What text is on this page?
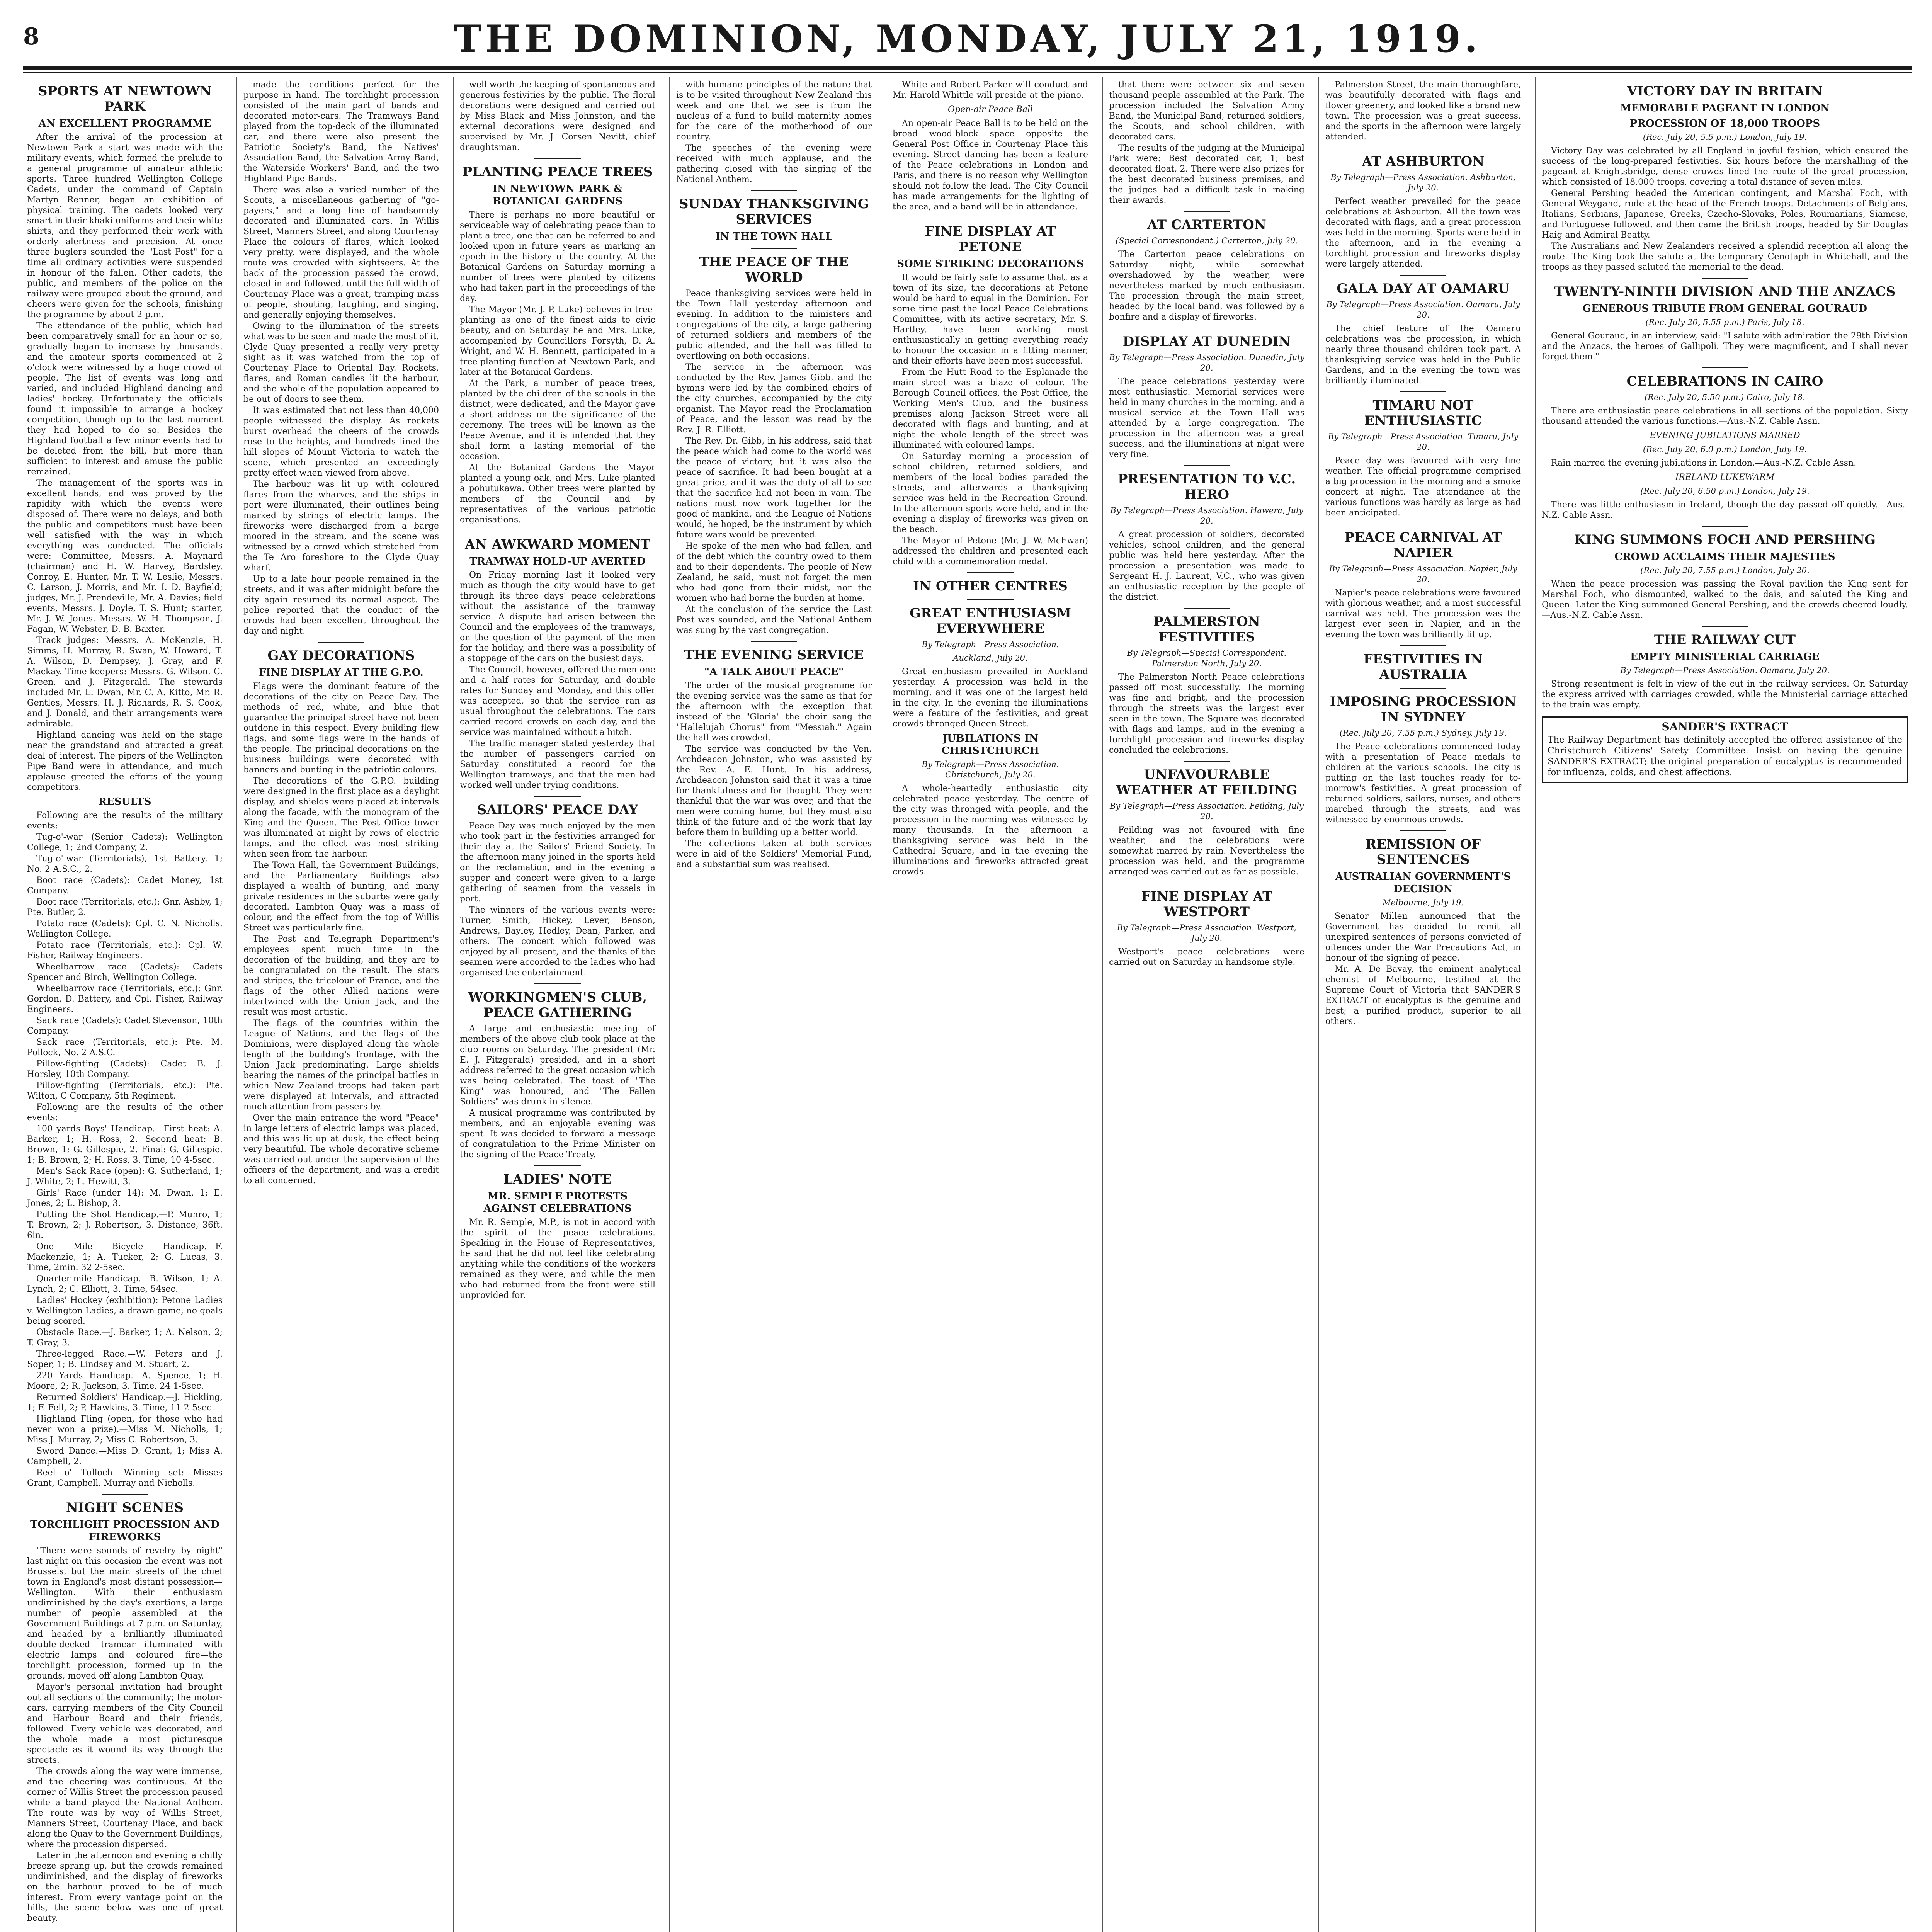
8	THE DOMINION, MONDAY, JULY 21, 1919.
SPORTS AT NEWTOWN PARK
AN EXCELLENT PROGRAMME

After the arrival of the procession at Newtown Park a start was made with the military events, which formed the prelude to a general programme of amateur athletic sports. Three hundred Wellington College Cadets, under the command of Captain Martyn Renner, began an exhibition of physical training. The cadets looked very smart in their khaki uniforms and their white shirts, and they performed their work with orderly alertness and precision. At once three buglers sounded the "Last Post" for a time all ordinary activities were suspended in honour of the fallen. Other cadets, the public, and members of the police on the railway were grouped about the ground, and cheers were given for the schools, finishing the programme by about 2 p.m.

The attendance of the public, which had been comparatively small for an hour or so, gradually began to increase by thousands, and the amateur sports commenced at 2 o'clock were witnessed by a huge crowd of people. The list of events was long and varied, and included Highland dancing and ladies' hockey. Unfortunately the officials found it impossible to arrange a hockey competition, though up to the last moment they had hoped to do so. Besides the Highland football a few minor events had to be deleted from the bill, but more than sufficient to interest and amuse the public remained.

The management of the sports was in excellent hands, and was proved by the rapidity with which the events were disposed of. There were no delays, and both the public and competitors must have been well satisfied with the way in which everything was conducted. The officials were: Committee, Messrs. A. Maynard (chairman) and H. W. Harvey, Bardsley, Conroy, E. Hunter, Mr. T. W. Leslie, Messrs. C. Larson, J. Morris, and Mr. I. D. Bayfield; judges, Mr. J. Prendeville, Mr. A. Davies; field events, Messrs. J. Doyle, T. S. Hunt; starter, Mr. J. W. Jones, Messrs. W. H. Thompson, J. Fagan, W. Webster, D. B. Baxter.

Track judges: Messrs. A. McKenzie, H. Simms, H. Murray, R. Swan, W. Howard, T. A. Wilson, D. Dempsey, J. Gray, and F. Mackay. Time-keepers: Messrs. G. Wilson, C. Green, and J. Fitzgerald. The stewards included Mr. L. Dwan, Mr. C. A. Kitto, Mr. R. Gentles, Messrs. H. J. Richards, R. S. Cook, and J. Donald, and their arrangements were admirable.

Highland dancing was held on the stage near the grandstand and attracted a great deal of interest. The pipers of the Wellington Pipe Band were in attendance, and much applause greeted the efforts of the young competitors.

RESULTS

Following are the results of the military events:

Tug-o'-war (Senior Cadets): Wellington College, 1; 2nd Company, 2.

Tug-o'-war (Territorials), 1st Battery, 1; No. 2 A.S.C., 2.

Boot race (Cadets): Cadet Money, 1st Company.

Boot race (Territorials, etc.): Gnr. Ashby, 1; Pte. Butler, 2.

Potato race (Cadets): Cpl. C. N. Nicholls, Wellington College.

Potato race (Territorials, etc.): Cpl. W. Fisher, Railway Engineers.

Wheelbarrow race (Cadets): Cadets Spencer and Birch, Wellington College.

Wheelbarrow race (Territorials, etc.): Gnr. Gordon, D. Battery, and Cpl. Fisher, Railway Engineers.

Sack race (Cadets): Cadet Stevenson, 10th Company.

Sack race (Territorials, etc.): Pte. M. Pollock, No. 2 A.S.C.

Pillow-fighting (Cadets): Cadet B. J. Horsley, 10th Company.

Pillow-fighting (Territorials, etc.): Pte. Wilton, C Company, 5th Regiment.

Following are the results of the other events:

100 yards Boys' Handicap.—First heat: A. Barker, 1; H. Ross, 2. Second heat: B. Brown, 1; G. Gillespie, 2. Final: G. Gillespie, 1; B. Brown, 2; H. Ross, 3. Time, 10 4-5sec.

Men's Sack Race (open): G. Sutherland, 1; J. White, 2; L. Hewitt, 3.

Girls' Race (under 14): M. Dwan, 1; E. Jones, 2; L. Bishop, 3.

Putting the Shot Handicap.—P. Munro, 1; T. Brown, 2; J. Robertson, 3. Distance, 36ft. 6in.

One Mile Bicycle Handicap.—F. Mackenzie, 1; A. Tucker, 2; G. Lucas, 3. Time, 2min. 32 2-5sec.

Quarter-mile Handicap.—B. Wilson, 1; A. Lynch, 2; C. Elliott, 3. Time, 54sec.

Ladies' Hockey (exhibition): Petone Ladies v. Wellington Ladies, a drawn game, no goals being scored.

Obstacle Race.—J. Barker, 1; A. Nelson, 2; T. Gray, 3.

Three-legged Race.—W. Peters and J. Soper, 1; B. Lindsay and M. Stuart, 2.

220 Yards Handicap.—A. Spence, 1; H. Moore, 2; R. Jackson, 3. Time, 24 1-5sec.

Returned Soldiers' Handicap.—J. Hickling, 1; F. Fell, 2; P. Hawkins, 3. Time, 11 2-5sec.

Highland Fling (open, for those who had never won a prize).—Miss M. Nicholls, 1; Miss J. Murray, 2; Miss C. Robertson, 3.

Sword Dance.—Miss D. Grant, 1; Miss A. Campbell, 2.

Reel o' Tulloch.—Winning set: Misses Grant, Campbell, Murray and Nicholls.

NIGHT SCENES
TORCHLIGHT PROCESSION AND FIREWORKS

"There were sounds of revelry by night" last night on this occasion the event was not Brussels, but the main streets of the chief town in England's most distant possession—Wellington. With their enthusiasm undiminished by the day's exertions, a large number of people assembled at the Government Buildings at 7 p.m. on Saturday, and headed by a brilliantly illuminated double-decked tramcar—illuminated with electric lamps and coloured fire—the torchlight procession, formed up in the grounds, moved off along Lambton Quay.

Mayor's personal invitation had brought out all sections of the community; the motor-cars, carrying members of the City Council and Harbour Board and their friends, followed. Every vehicle was decorated, and the whole made a most picturesque spectacle as it wound its way through the streets.

The crowds along the way were immense, and the cheering was continuous. At the corner of Willis Street the procession paused while a band played the National Anthem. The route was by way of Willis Street, Manners Street, Courtenay Place, and back along the Quay to the Government Buildings, where the procession dispersed.

Later in the afternoon and evening a chilly breeze sprang up, but the crowds remained undiminished, and the display of fireworks on the harbour proved to be of much interest. From every vantage point on the hills, the scene below was one of great beauty.

made the conditions perfect for the purpose in hand. The torchlight procession consisted of the main part of bands and decorated motor-cars. The Tramways Band played from the top-deck of the illuminated car, and there were also present the Patriotic Society's Band, the Natives' Association Band, the Salvation Army Band, the Waterside Workers' Band, and the two Highland Pipe Bands.

There was also a varied number of the Scouts, a miscellaneous gathering of "go-payers," and a long line of handsomely decorated and illuminated cars. In Willis Street, Manners Street, and along Courtenay Place the colours of flares, which looked very pretty, were displayed, and the whole route was crowded with sightseers. At the back of the procession passed the crowd, closed in and followed, until the full width of Courtenay Place was a great, tramping mass of people, shouting, laughing, and singing, and generally enjoying themselves.

Owing to the illumination of the streets what was to be seen and made the most of it. Clyde Quay presented a really very pretty sight as it was watched from the top of Courtenay Place to Oriental Bay. Rockets, flares, and Roman candles lit the harbour, and the whole of the population appeared to be out of doors to see them.

It was estimated that not less than 40,000 people witnessed the display. As rockets burst overhead the cheers of the crowds rose to the heights, and hundreds lined the hill slopes of Mount Victoria to watch the scene, which presented an exceedingly pretty effect when viewed from above.

The harbour was lit up with coloured flares from the wharves, and the ships in port were illuminated, their outlines being marked by strings of electric lamps. The fireworks were discharged from a barge moored in the stream, and the scene was witnessed by a crowd which stretched from the Te Aro foreshore to the Clyde Quay wharf.

Up to a late hour people remained in the streets, and it was after midnight before the city again resumed its normal aspect. The police reported that the conduct of the crowds had been excellent throughout the day and night.

GAY DECORATIONS
FINE DISPLAY AT THE G.P.O.

Flags were the dominant feature of the decorations of the city on Peace Day. The methods of red, white, and blue that guarantee the principal street have not been outdone in this respect. Every building flew flags, and some flags were in the hands of the people. The principal decorations on the business buildings were decorated with banners and bunting in the patriotic colours.

The decorations of the G.P.O. building were designed in the first place as a daylight display, and shields were placed at intervals along the facade, with the monogram of the King and the Queen. The Post Office tower was illuminated at night by rows of electric lamps, and the effect was most striking when seen from the harbour.

The Town Hall, the Government Buildings, and the Parliamentary Buildings also displayed a wealth of bunting, and many private residences in the suburbs were gaily decorated. Lambton Quay was a mass of colour, and the effect from the top of Willis Street was particularly fine.

The Post and Telegraph Department's employees spent much time in the decoration of the building, and they are to be congratulated on the result. The stars and stripes, the tricolour of France, and the flags of the other Allied nations were intertwined with the Union Jack, and the result was most artistic.

The flags of the countries within the League of Nations, and the flags of the Dominions, were displayed along the whole length of the building's frontage, with the Union Jack predominating. Large shields bearing the names of the principal battles in which New Zealand troops had taken part were displayed at intervals, and attracted much attention from passers-by.

Over the main entrance the word "Peace" in large letters of electric lamps was placed, and this was lit up at dusk, the effect being very beautiful. The whole decorative scheme was carried out under the supervision of the officers of the department, and was a credit to all concerned.

well worth the keeping of spontaneous and generous festivities by the public. The floral decorations were designed and carried out by Miss Black and Miss Johnston, and the external decorations were designed and supervised by Mr. J. Corsen Nevitt, chief draughtsman.

PLANTING PEACE TREES
IN NEWTOWN PARK & BOTANICAL GARDENS

There is perhaps no more beautiful or serviceable way of celebrating peace than to plant a tree, one that can be referred to and looked upon in future years as marking an epoch in the history of the country. At the Botanical Gardens on Saturday morning a number of trees were planted by citizens who had taken part in the proceedings of the day.

The Mayor (Mr. J. P. Luke) believes in tree-planting as one of the finest aids to civic beauty, and on Saturday he and Mrs. Luke, accompanied by Councillors Forsyth, D. A. Wright, and W. H. Bennett, participated in a tree-planting function at Newtown Park, and later at the Botanical Gardens.

At the Park, a number of peace trees, planted by the children of the schools in the district, were dedicated, and the Mayor gave a short address on the significance of the ceremony. The trees will be known as the Peace Avenue, and it is intended that they shall form a lasting memorial of the occasion.

At the Botanical Gardens the Mayor planted a young oak, and Mrs. Luke planted a pohutukawa. Other trees were planted by members of the Council and by representatives of the various patriotic organisations.

AN AWKWARD MOMENT
TRAMWAY HOLD-UP AVERTED

On Friday morning last it looked very much as though the city would have to get through its three days' peace celebrations without the assistance of the tramway service. A dispute had arisen between the Council and the employees of the tramways, on the question of the payment of the men for the holiday, and there was a possibility of a stoppage of the cars on the busiest days.

The Council, however, offered the men one and a half rates for Saturday, and double rates for Sunday and Monday, and this offer was accepted, so that the service ran as usual throughout the celebrations. The cars carried record crowds on each day, and the service was maintained without a hitch.

The traffic manager stated yesterday that the number of passengers carried on Saturday constituted a record for the Wellington tramways, and that the men had worked well under trying conditions.

SAILORS' PEACE DAY

Peace Day was much enjoyed by the men who took part in the festivities arranged for their day at the Sailors' Friend Society. In the afternoon many joined in the sports held on the reclamation, and in the evening a supper and concert were given to a large gathering of seamen from the vessels in port.

The winners of the various events were: Turner, Smith, Hickey, Lever, Benson, Andrews, Bayley, Hedley, Dean, Parker, and others. The concert which followed was enjoyed by all present, and the thanks of the seamen were accorded to the ladies who had organised the entertainment.

WORKINGMEN'S CLUB, PEACE GATHERING

A large and enthusiastic meeting of members of the above club took place at the club rooms on Saturday. The president (Mr. E. J. Fitzgerald) presided, and in a short address referred to the great occasion which was being celebrated. The toast of "The King" was honoured, and "The Fallen Soldiers" was drunk in silence.

A musical programme was contributed by members, and an enjoyable evening was spent. It was decided to forward a message of congratulation to the Prime Minister on the signing of the Peace Treaty.

LADIES' NOTE
MR. SEMPLE PROTESTS AGAINST CELEBRATIONS

Mr. R. Semple, M.P., is not in accord with the spirit of the peace celebrations. Speaking in the House of Representatives, he said that he did not feel like celebrating anything while the conditions of the workers remained as they were, and while the men who had returned from the front were still unprovided for.

with humane principles of the nature that is to be visited throughout New Zealand this week and one that we see is from the nucleus of a fund to build maternity homes for the care of the motherhood of our country.

The speeches of the evening were received with much applause, and the gathering closed with the singing of the National Anthem.

SUNDAY THANKSGIVING SERVICES
IN THE TOWN HALL
THE PEACE OF THE WORLD

Peace thanksgiving services were held in the Town Hall yesterday afternoon and evening. In addition to the ministers and congregations of the city, a large gathering of returned soldiers and members of the public attended, and the hall was filled to overflowing on both occasions.

The service in the afternoon was conducted by the Rev. James Gibb, and the hymns were led by the combined choirs of the city churches, accompanied by the city organist. The Mayor read the Proclamation of Peace, and the lesson was read by the Rev. J. R. Elliott.

The Rev. Dr. Gibb, in his address, said that the peace which had come to the world was the peace of victory, but it was also the peace of sacrifice. It had been bought at a great price, and it was the duty of all to see that the sacrifice had not been in vain. The nations must now work together for the good of mankind, and the League of Nations would, he hoped, be the instrument by which future wars would be prevented.

He spoke of the men who had fallen, and of the debt which the country owed to them and to their dependents. The people of New Zealand, he said, must not forget the men who had gone from their midst, nor the women who had borne the burden at home.

At the conclusion of the service the Last Post was sounded, and the National Anthem was sung by the vast congregation.

THE EVENING SERVICE
"A TALK ABOUT PEACE"

The order of the musical programme for the evening service was the same as that for the afternoon with the exception that instead of the "Gloria" the choir sang the "Hallelujah Chorus" from "Messiah." Again the hall was crowded.

The service was conducted by the Ven. Archdeacon Johnston, who was assisted by the Rev. A. E. Hunt. In his address, Archdeacon Johnston said that it was a time for thankfulness and for thought. They were thankful that the war was over, and that the men were coming home, but they must also think of the future and of the work that lay before them in building up a better world.

The collections taken at both services were in aid of the Soldiers' Memorial Fund, and a substantial sum was realised.

White and Robert Parker will conduct and Mr. Harold Whittle will preside at the piano.

Open-air Peace Ball

An open-air Peace Ball is to be held on the broad wood-block space opposite the General Post Office in Courtenay Place this evening. Street dancing has been a feature of the Peace celebrations in London and Paris, and there is no reason why Wellington should not follow the lead. The City Council has made arrangements for the lighting of the area, and a band will be in attendance.

FINE DISPLAY AT PETONE
SOME STRIKING DECORATIONS

It would be fairly safe to assume that, as a town of its size, the decorations at Petone would be hard to equal in the Dominion. For some time past the local Peace Celebrations Committee, with its active secretary, Mr. S. Hartley, have been working most enthusiastically in getting everything ready to honour the occasion in a fitting manner, and their efforts have been most successful.

From the Hutt Road to the Esplanade the main street was a blaze of colour. The Borough Council offices, the Post Office, the Working Men's Club, and the business premises along Jackson Street were all decorated with flags and bunting, and at night the whole length of the street was illuminated with coloured lamps.

On Saturday morning a procession of school children, returned soldiers, and members of the local bodies paraded the streets, and afterwards a thanksgiving service was held in the Recreation Ground. In the afternoon sports were held, and in the evening a display of fireworks was given on the beach.

The Mayor of Petone (Mr. J. W. McEwan) addressed the children and presented each child with a commemoration medal.

IN OTHER CENTRES
GREAT ENTHUSIASM EVERYWHERE
By Telegraph—Press Association.
Auckland, July 20.

Great enthusiasm prevailed in Auckland yesterday. A procession was held in the morning, and it was one of the largest held in the city. In the evening the illuminations were a feature of the festivities, and great crowds thronged Queen Street.

JUBILATIONS IN CHRISTCHURCH
By Telegraph—Press Association. Christchurch, July 20.

A whole-heartedly enthusiastic city celebrated peace yesterday. The centre of the city was thronged with people, and the procession in the morning was witnessed by many thousands. In the afternoon a thanksgiving service was held in the Cathedral Square, and in the evening the illuminations and fireworks attracted great crowds.

that there were between six and seven thousand people assembled at the Park. The procession included the Salvation Army Band, the Municipal Band, returned soldiers, the Scouts, and school children, with decorated cars.

The results of the judging at the Municipal Park were: Best decorated car, 1; best decorated float, 2. There were also prizes for the best decorated business premises, and the judges had a difficult task in making their awards.

AT CARTERTON
(Special Correspondent.) Carterton, July 20.

The Carterton peace celebrations on Saturday night, while somewhat overshadowed by the weather, were nevertheless marked by much enthusiasm. The procession through the main street, headed by the local band, was followed by a bonfire and a display of fireworks.

DISPLAY AT DUNEDIN
By Telegraph—Press Association. Dunedin, July 20.

The peace celebrations yesterday were most enthusiastic. Memorial services were held in many churches in the morning, and a musical service at the Town Hall was attended by a large congregation. The procession in the afternoon was a great success, and the illuminations at night were very fine.

PRESENTATION TO V.C. HERO
By Telegraph—Press Association. Hawera, July 20.

A great procession of soldiers, decorated vehicles, school children, and the general public was held here yesterday. After the procession a presentation was made to Sergeant H. J. Laurent, V.C., who was given an enthusiastic reception by the people of the district.

PALMERSTON FESTIVITIES
By Telegraph—Special Correspondent. Palmerston North, July 20.

The Palmerston North Peace celebrations passed off most successfully. The morning was fine and bright, and the procession through the streets was the largest ever seen in the town. The Square was decorated with flags and lamps, and in the evening a torchlight procession and fireworks display concluded the celebrations.

UNFAVOURABLE WEATHER AT FEILDING
By Telegraph—Press Association. Feilding, July 20.

Feilding was not favoured with fine weather, and the celebrations were somewhat marred by rain. Nevertheless the procession was held, and the programme arranged was carried out as far as possible.

FINE DISPLAY AT WESTPORT
By Telegraph—Press Association. Westport, July 20.

Westport's peace celebrations were carried out on Saturday in handsome style.

Palmerston Street, the main thoroughfare, was beautifully decorated with flags and flower greenery, and looked like a brand new town. The procession was a great success, and the sports in the afternoon were largely attended.

AT ASHBURTON
By Telegraph—Press Association. Ashburton, July 20.

Perfect weather prevailed for the peace celebrations at Ashburton. All the town was decorated with flags, and a great procession was held in the morning. Sports were held in the afternoon, and in the evening a torchlight procession and fireworks display were largely attended.

GALA DAY AT OAMARU
By Telegraph—Press Association. Oamaru, July 20.

The chief feature of the Oamaru celebrations was the procession, in which nearly three thousand children took part. A thanksgiving service was held in the Public Gardens, and in the evening the town was brilliantly illuminated.

TIMARU NOT ENTHUSIASTIC
By Telegraph—Press Association. Timaru, July 20.

Peace day was favoured with very fine weather. The official programme comprised a big procession in the morning and a smoke concert at night. The attendance at the various functions was hardly as large as had been anticipated.

PEACE CARNIVAL AT NAPIER
By Telegraph—Press Association. Napier, July 20.

Napier's peace celebrations were favoured with glorious weather, and a most successful carnival was held. The procession was the largest ever seen in Napier, and in the evening the town was brilliantly lit up.

FESTIVITIES IN AUSTRALIA
IMPOSING PROCESSION IN SYDNEY
(Rec. July 20, 7.55 p.m.) Sydney, July 19.

The Peace celebrations commenced today with a presentation of Peace medals to children at the various schools. The city is putting on the last touches ready for to-morrow's festivities. A great procession of returned soldiers, sailors, nurses, and others marched through the streets, and was witnessed by enormous crowds.

REMISSION OF SENTENCES
AUSTRALIAN GOVERNMENT'S DECISION
Melbourne, July 19.

Senator Millen announced that the Government has decided to remit all unexpired sentences of persons convicted of offences under the War Precautions Act, in honour of the signing of peace.

Mr. A. De Bavay, the eminent analytical chemist of Melbourne, testified at the Supreme Court of Victoria that SANDER'S EXTRACT of eucalyptus is the genuine and best; a purified product, superior to all others.

VICTORY DAY IN BRITAIN
MEMORABLE PAGEANT IN LONDON
PROCESSION OF 18,000 TROOPS
(Rec. July 20, 5.5 p.m.) London, July 19.

Victory Day was celebrated by all England in joyful fashion, which ensured the success of the long-prepared festivities. Six hours before the marshalling of the pageant at Knightsbridge, dense crowds lined the route of the great procession, which consisted of 18,000 troops, covering a total distance of seven miles.

General Pershing headed the American contingent, and Marshal Foch, with General Weygand, rode at the head of the French troops. Detachments of Belgians, Italians, Serbians, Japanese, Greeks, Czecho-Slovaks, Poles, Roumanians, Siamese, and Portuguese followed, and then came the British troops, headed by Sir Douglas Haig and Admiral Beatty.

The Australians and New Zealanders received a splendid reception all along the route. The King took the salute at the temporary Cenotaph in Whitehall, and the troops as they passed saluted the memorial to the dead.

TWENTY-NINTH DIVISION AND THE ANZACS
GENEROUS TRIBUTE FROM GENERAL GOURAUD
(Rec. July 20, 5.55 p.m.) Paris, July 18.

General Gouraud, in an interview, said: "I salute with admiration the 29th Division and the Anzacs, the heroes of Gallipoli. They were magnificent, and I shall never forget them."

CELEBRATIONS IN CAIRO
(Rec. July 20, 5.50 p.m.) Cairo, July 18.

There are enthusiastic peace celebrations in all sections of the population. Sixty thousand attended the various functions.—Aus.-N.Z. Cable Assn.

EVENING JUBILATIONS MARRED
(Rec. July 20, 6.0 p.m.) London, July 19.

Rain marred the evening jubilations in London.—Aus.-N.Z. Cable Assn.

IRELAND LUKEWARM
(Rec. July 20, 6.50 p.m.) London, July 19.

There was little enthusiasm in Ireland, though the day passed off quietly.—Aus.-N.Z. Cable Assn.

KING SUMMONS FOCH AND PERSHING
CROWD ACCLAIMS THEIR MAJESTIES
(Rec. July 20, 7.55 p.m.) London, July 20.

When the peace procession was passing the Royal pavilion the King sent for Marshal Foch, who dismounted, walked to the dais, and saluted the King and Queen. Later the King summoned General Pershing, and the crowds cheered loudly.—Aus.-N.Z. Cable Assn.

THE RAILWAY CUT
EMPTY MINISTERIAL CARRIAGE
By Telegraph—Press Association. Oamaru, July 20.

Strong resentment is felt in view of the cut in the railway services. On Saturday the express arrived with carriages crowded, while the Ministerial carriage attached to the train was empty.

SANDER'S EXTRACT
The Railway Department has definitely accepted the offered assistance of the Christchurch Citizens' Safety Committee. Insist on having the genuine SANDER'S EXTRACT; the original preparation of eucalyptus is recommended for influenza, colds, and chest affections.
